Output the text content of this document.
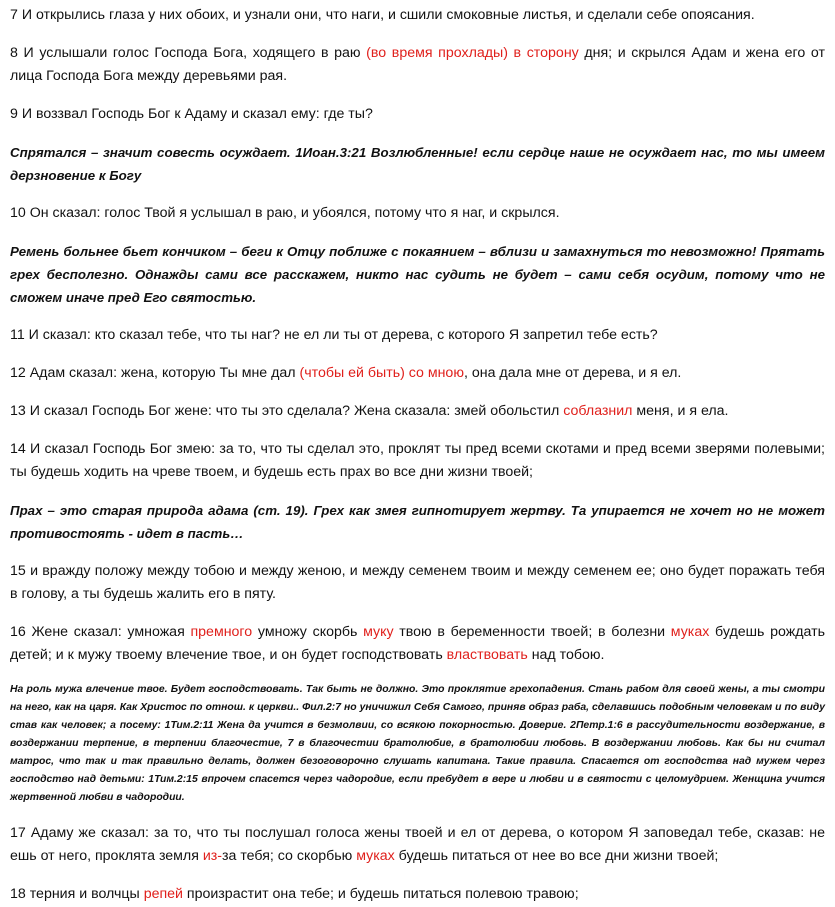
7 И открылись глаза у них обоих, и узнали они, что наги, и сшили смоковные листья, и сделали себе опоясания.

8 И услышали голос Господа Бога, ходящего в раю (во время прохлады) в сторону дня; и скрылся Адам и жена его от лица Господа Бога между деревьями рая.

9 И воззвал Господь Бог к Адаму и сказал ему: где ты?

Спрятался – значит совесть осуждает. 1Иоан.3:21 Возлюбленные! если сердце наше не осуждает нас, то мы имеем дерзновение к Богу

10 Он сказал: голос Твой я услышал в раю, и убоялся, потому что я наг, и скрылся.

Ремень больнее бьет кончиком – беги к Отцу поближе с покаянием – вблизи и замахнуться то невозможно! Прятать грех бесполезно. Однажды сами все расскажем, никто нас судить не будет – сами себя осудим, потому что не сможем иначе пред Его святостью.

11 И сказал: кто сказал тебе, что ты наг? не ел ли ты от дерева, с которого Я запретил тебе есть?

12 Адам сказал: жена, которую Ты мне дал (чтобы ей быть) со мною, она дала мне от дерева, и я ел.

13 И сказал Господь Бог жене: что ты это сделала? Жена сказала: змей обольстил соблазнил меня, и я ела.

14 И сказал Господь Бог змею: за то, что ты сделал это, проклят ты пред всеми скотами и пред всеми зверями полевыми; ты будешь ходить на чреве твоем, и будешь есть прах во все дни жизни твоей;

Прах – это старая природа адама (ст. 19). Грех как змея гипнотирует жертву. Та упирается не хочет но не может противостоять - идет в пасть…

15 и вражду положу между тобою и между женою, и между семенем твоим и между семенем ее; оно будет поражать тебя в голову, а ты будешь жалить его в пяту.

16 Жене сказал: умножая премного умножу скорбь муку твою в беременности твоей; в болезни муках будешь рождать детей; и к мужу твоему влечение твое, и он будет господствовать властвовать над тобою.

На роль мужа влечение твое. Будет господствовать. Так быть не должно. Это проклятие грехопадения. Стань рабом для своей жены, а ты смотри на него, как на царя. Как Христос по отнош. к церкви.. Фил.2:7 но уничижил Себя Самого, приняв образ раба, сделавшись подобным человекам и по виду став как человек; а посему: 1Тим.2:11 Жена да учится в безмолвии, со всякою покорностью. Доверие. 2Петр.1:6 в рассудительности воздержание, в воздержании терпение, в терпении благочестие, 7 в благочестии братолюбие, в братолюбии любовь. В воздержании любовь. Как бы ни считал матрос, что так и так правильно делать, должен безоговорочно слушать капитана. Такие правила. Спасается от господства над мужем через господство над детьми: 1Тим.2:15 впрочем спасется через чадородие, если пребудет в вере и любви и в святости с целомудрием. Женщина учится жертвенной любви в чадородии.

17 Адаму же сказал: за то, что ты послушал голоса жены твоей и ел от дерева, о котором Я заповедал тебе, сказав: не ешь от него, проклята земля из-за тебя; со скорбью муках будешь питаться от нее во все дни жизни твоей;

18 терния и волчцы репей произрастит она тебе; и будешь питаться полевою травою;
